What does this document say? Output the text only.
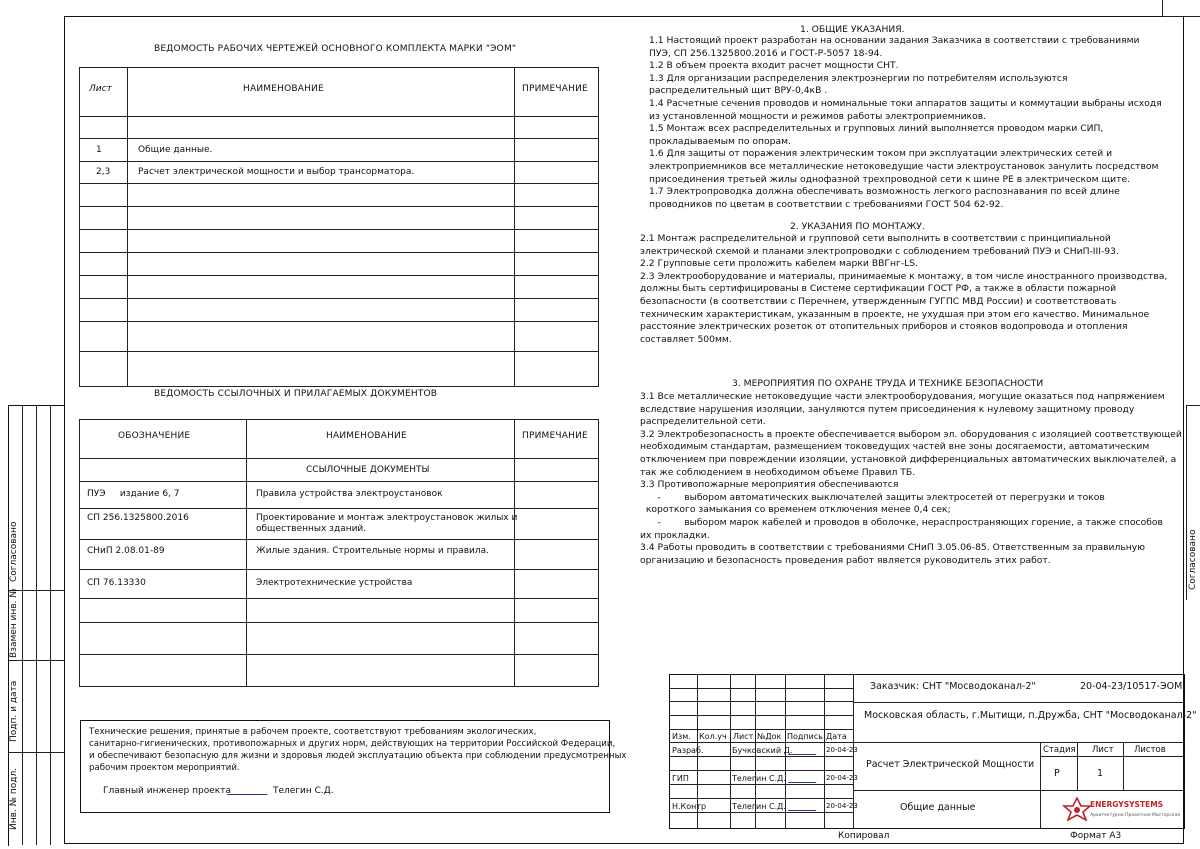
Согласовано
Взамен инв. №
Подп. и дата
Инв. № подл.
Согласовано
ВЕДОМОСТЬ РАБОЧИХ ЧЕРТЕЖЕЙ ОСНОВНОГО КОМПЛЕКТА МАРКИ "ЭОМ"
Лист	НАИМЕНОВАНИЕ	ПРИМЕЧАНИЕ
1	Общие данные.
2,3	Расчет электрической мощности и выбор трансорматора.
ВЕДОМОСТЬ ССЫЛОЧНЫХ И ПРИЛАГАЕМЫХ ДОКУМЕНТОВ
ОБОЗНАЧЕНИЕ	НАИМЕНОВАНИЕ	ПРИМЕЧАНИЕ
ССЫЛОЧНЫЕ ДОКУМЕНТЫ
ПУЭ     издание 6, 7	Правила устройства электроустановок
СП 256.1325800.2016	Проектирование и монтаж электроустановок жилых и
общественных зданий.
СНиП 2.08.01-89	Жилые здания. Строительные нормы и правила.
СП 76.13330	Электротехнические устройства
Технические решения, принятые в рабочем проекте, соответствуют требованиям экологических,
санитарно-гигиенических, противопожарных и других норм, действующих на территории Российской Федерации,
и обеспечивают безопасную для жизни и здоровья людей эксплуатацию объекта при соблюдении предусмотренных
рабочим проектом мероприятий.
Главный инженер проекта	Телегин С.Д.

1. ОБЩИЕ УКАЗАНИЯ.

1.1 Настоящий проект разработан на основании задания Заказчика в соответствии с требованиями

ПУЭ, СП 256.1325800.2016 и ГОСТ-Р-5057 18-94.

1.2 В объем проекта входит расчет мощности СНТ.

1.3 Для организации распределения электроэнергии по потребителям используются

распределительный щит ВРУ-0,4кВ .

1.4 Расчетные сечения проводов и номинальные токи аппаратов защиты и коммутации выбраны исходя

из установленной мощности и режимов работы электроприемников.

1.5 Монтаж всех распределительных и групповых линий выполняется проводом марки СИП,

прокладываемым по опорам.

1.6 Для защиты от поражения электрическим током при эксплуатации электрических сетей и

электроприемников все металлические нетоковедущие части электроустановок занулить посредством

присоединения третьей жилы однофазной трехпроводной сети к шине PE в электрическом щите.

1.7 Электропроводка должна обеспечивать возможность легкого распознавания по всей длине

проводников по цветам в соответствии с требованиями ГОСТ 504 62-92.

2. УКАЗАНИЯ ПО МОНТАЖУ.

2.1 Монтаж распределительной и групповой сети выполнить в соответствии с принципиальной

электрической схемой и планами электропроводки с соблюдением требований ПУЭ и СНиП-III-93.

2.2 Групповые сети проложить кабелем марки ВВГнг-LS.

2.3 Электрооборудование и материалы, принимаемые к монтажу, в том числе иностранного производства,

должны быть сертифицированы в Системе сертификации ГОСТ РФ, а также в области пожарной

безопасности (в соответствии с Перечнем, утвержденным ГУГПС МВД России) и соответствовать

техническим характеристикам, указанным в проекте, не ухудшая при этом его качество. Минимальное

расстояние электрических розеток от отопительных приборов и стояков водопровода и отопления

составляет 500мм.

3. МЕРОПРИЯТИЯ ПО ОХРАНЕ ТРУДА И ТЕХНИКЕ БЕЗОПАСНОСТИ

3.1 Все металлические нетоковедущие части электрооборудования, могущие оказаться под напряжением

вследствие нарушения изоляции, зануляются путем присоединения к нулевому защитному проводу

распределительной сети.

3.2 Электробезопасность в проекте обеспечивается выбором эл. оборудования с изоляцией соответствующей

необходимым стандартам, размещением токоведущих частей вне зоны досягаемости, автоматическим

отключением при повреждении изоляции, установкой дифференциальных автоматических выключателей, а

так же соблюдением в необходимом объеме Правил ТБ.

3.3 Противопожарные мероприятия обеспечиваются

-        выбором автоматических выключателей защиты электросетей от перегрузки и токов

короткого замыкания со временем отключения менее 0,4 сек;

-        выбором марок кабелей и проводов в оболочке, нераспространяющих горение, а также способов

их прокладки.

3.4 Работы проводить в соответствии с требованиями СНиП 3.05.06-85. Ответственным за правильную

организацию и безопасность проведения работ является руководитель этих работ.

Заказчик: СНТ "Мосводоканал-2"	20-04-23/10517-ЭОМ
Московская область, г.Мытищи, п.Дружба, СНТ "Мосводоканал-2"
Изм. Кол.уч Лист №Док Подпись Дата
Разраб.	Бучковский Д.	20-04-23
ГИП	Телегин С.Д.	20-04-23
Н.Контр	Телегин С.Д.	20-04-23
Расчет Электрической Мощности
Общие данные
Стадия Лист Листов
Р	1
ENERGYSYSTEMS
Архитектурно-Проектная Мастерская
Копировал	Формат А3
